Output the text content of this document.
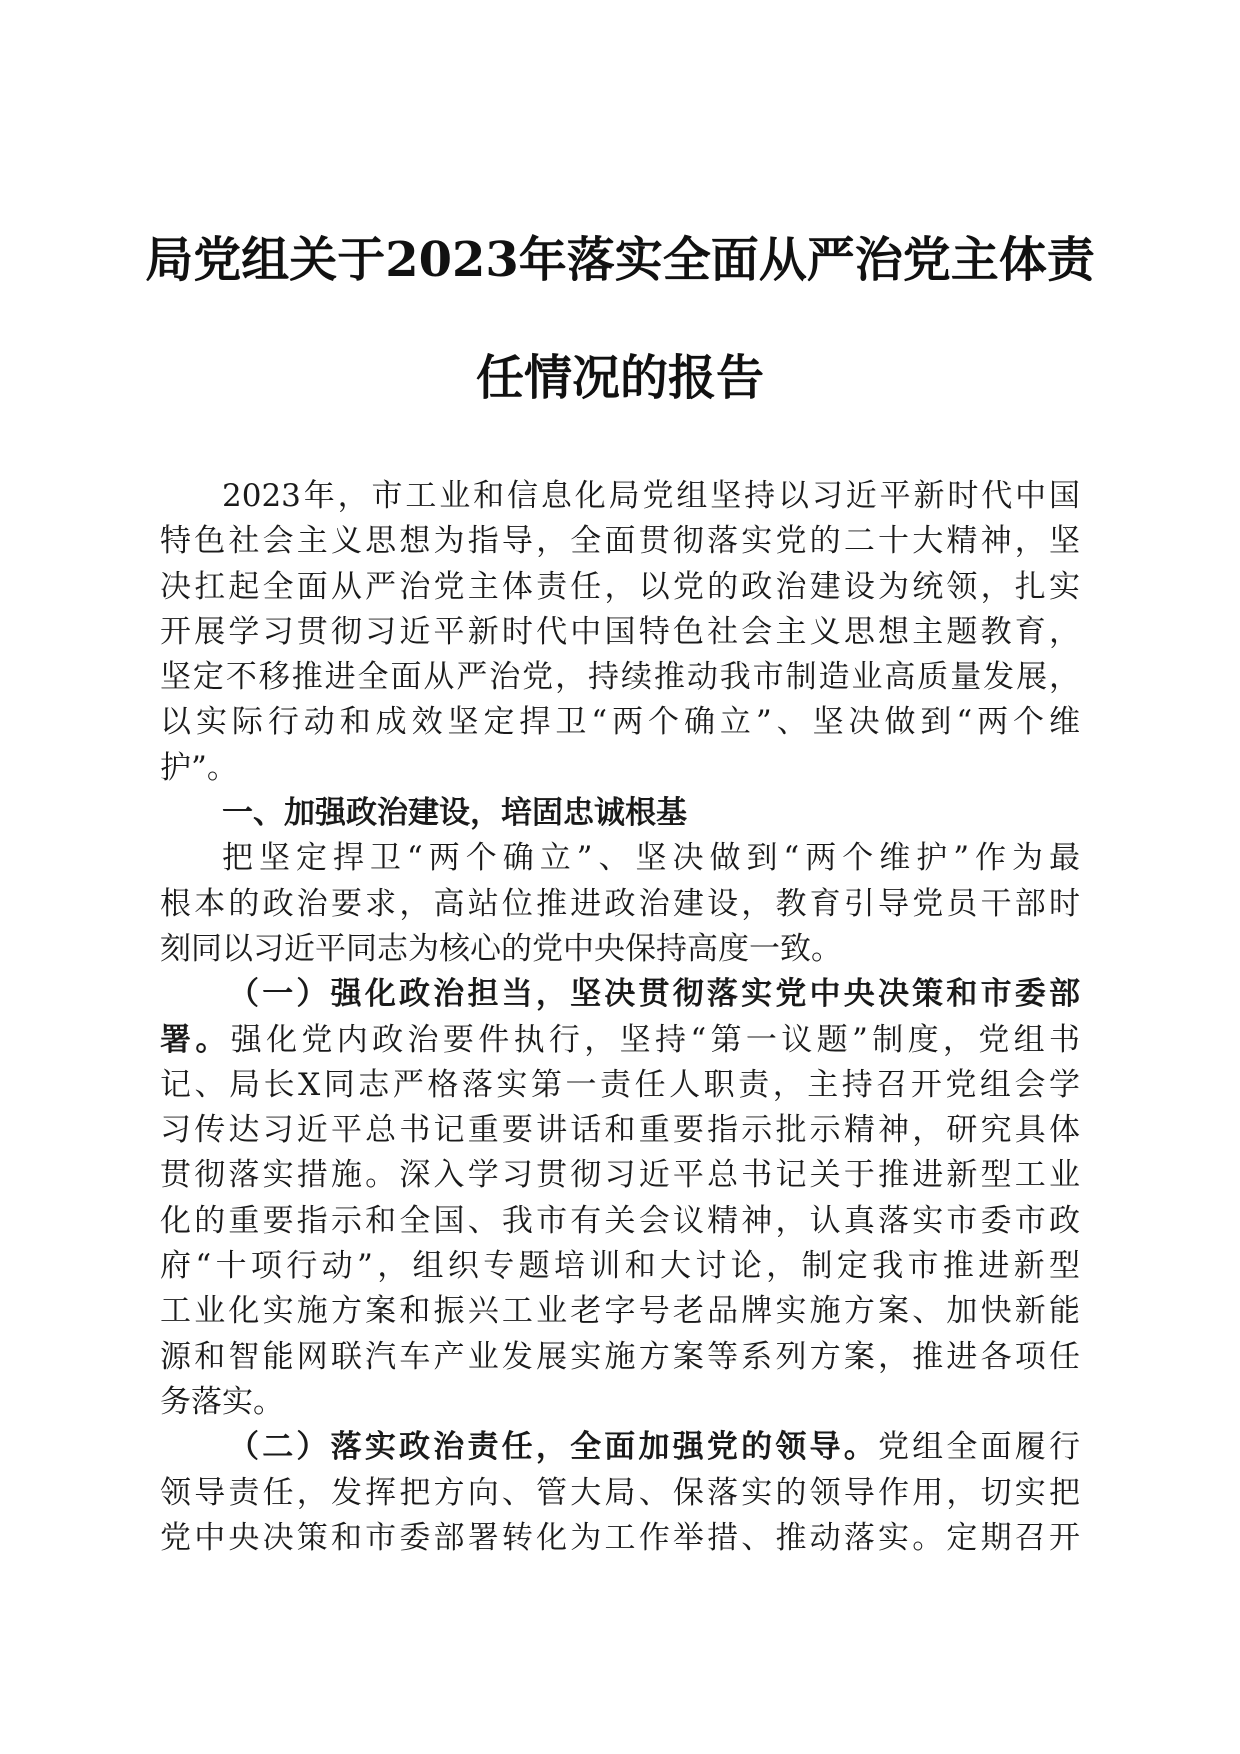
局党组关于2023年落实全面从严治党主体责
任情况的报告
2023年，市工业和信息化局党组坚持以习近平新时代中国
特色社会主义思想为指导，全面贯彻落实党的二十大精神，坚
决扛起全面从严治党主体责任，以党的政治建设为统领，扎实
开展学习贯彻习近平新时代中国特色社会主义思想主题教育，
坚定不移推进全面从严治党，持续推动我市制造业高质量发展，
以实际行动和成效坚定捍卫“两个确立”、坚决做到“两个维
护”。
一、加强政治建设，培固忠诚根基
把坚定捍卫“两个确立”、坚决做到“两个维护”作为最
根本的政治要求，高站位推进政治建设，教育引导党员干部时
刻同以习近平同志为核心的党中央保持高度一致。
（一）强化政治担当，坚决贯彻落实党中央决策和市委部
署。强化党内政治要件执行，坚持“第一议题”制度，党组书
记、局长X同志严格落实第一责任人职责，主持召开党组会学
习传达习近平总书记重要讲话和重要指示批示精神，研究具体
贯彻落实措施。深入学习贯彻习近平总书记关于推进新型工业
化的重要指示和全国、我市有关会议精神，认真落实市委市政
府“十项行动”，组织专题培训和大讨论，制定我市推进新型
工业化实施方案和振兴工业老字号老品牌实施方案、加快新能
源和智能网联汽车产业发展实施方案等系列方案，推进各项任
务落实。
（二）落实政治责任，全面加强党的领导。党组全面履行
领导责任，发挥把方向、管大局、保落实的领导作用，切实把
党中央决策和市委部署转化为工作举措、推动落实。定期召开
